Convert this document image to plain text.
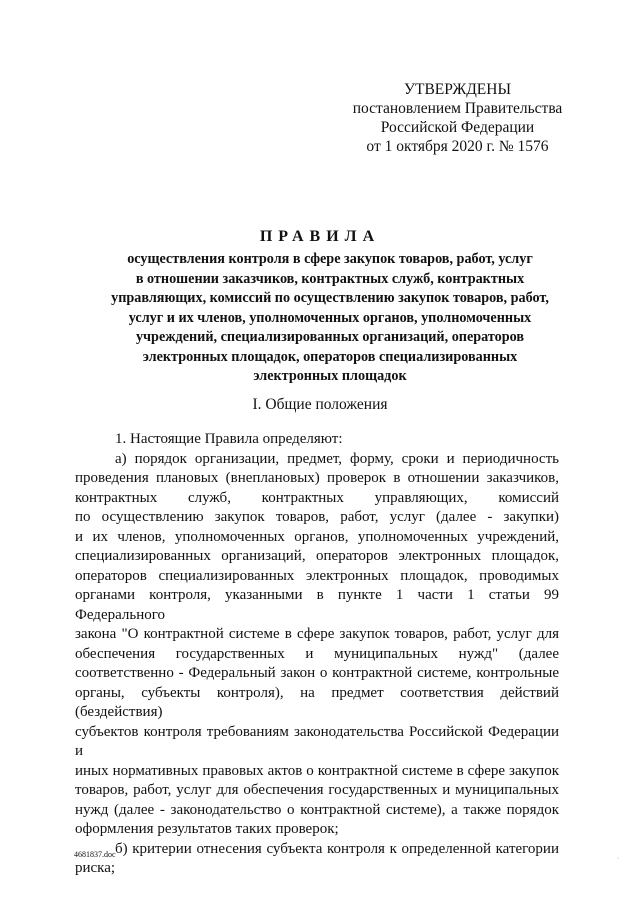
УТВЕРЖДЕНЫ
постановлением Правительства
Российской Федерации
от 1 октября 2020 г. № 1576
ПРАВИЛА
осуществления контроля в сфере закупок товаров, работ, услуг
в отношении заказчиков, контрактных служб, контрактных
управляющих, комиссий по осуществлению закупок товаров, работ,
услуг и их членов, уполномоченных органов, уполномоченных
учреждений, специализированных организаций, операторов
электронных площадок, операторов специализированных
электронных площадок
I. Общие положения
1. Настоящие Правила определяют:
а) порядок организации, предмет, форму, сроки и периодичность
проведения плановых (внеплановых) проверок в отношении заказчиков,
контрактных служб, контрактных управляющих, комиссий
по осуществлению закупок товаров, работ, услуг (далее - закупки)
и их членов, уполномоченных органов, уполномоченных учреждений,
специализированных организаций, операторов электронных площадок,
операторов специализированных электронных площадок, проводимых
органами контроля, указанными в пункте 1 части 1 статьи 99 Федерального
закона "О контрактной системе в сфере закупок товаров, работ, услуг для
обеспечения государственных и муниципальных нужд" (далее
соответственно - Федеральный закон о контрактной системе, контрольные
органы, субъекты контроля), на предмет соответствия действий (бездействия)
субъектов контроля требованиям законодательства Российской Федерации и
иных нормативных правовых актов о контрактной системе в сфере закупок
товаров, работ, услуг для обеспечения государственных и муниципальных
нужд (далее - законодательство о контрактной системе), а также порядок
оформления результатов таких проверок;
б) критерии отнесения субъекта контроля к определенной категории
риска;
4681837.doc	·
